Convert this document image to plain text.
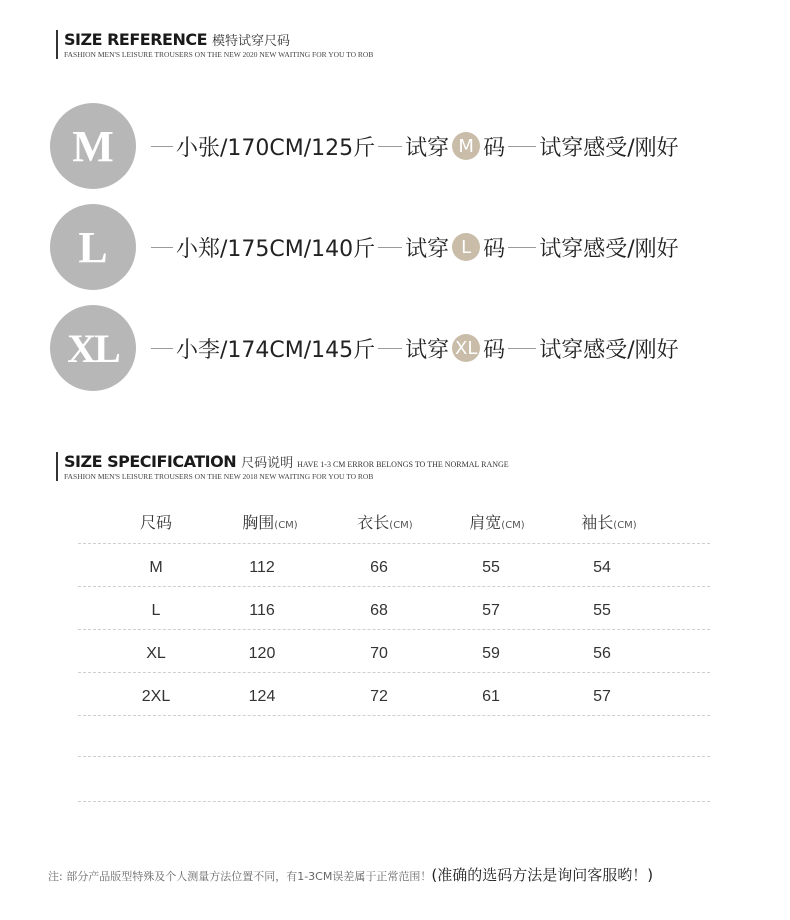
SIZE REFERENCE 模特试穿尺码
FASHION MEN'S LEISURE TROUSERS ON THE NEW 2020 NEW WAITING FOR YOU TO ROB
M	小张/170CM/125斤 试穿 M 码 试穿感受/刚好
L	小郑/175CM/140斤 试穿 L 码 试穿感受/刚好
XL	小李/174CM/145斤 试穿 XL 码 试穿感受/刚好
SIZE SPECIFICATION 尺码说明 HAVE 1-3 CM ERROR BELONGS TO THE NORMAL RANGE
FASHION MEN'S LEISURE TROUSERS ON THE NEW 2018 NEW WAITING FOR YOU TO ROB
尺码	胸围(CM)	衣长(CM)	肩宽(CM)	袖长(CM)
M	112	66	55	54
L	116	68	57	55
XL	120	70	59	56
2XL	124	72	61	57
注: 部分产品版型特殊及个人测量方法位置不同，有1-3CM误差属于正常范围！(准确的选码方法是询问客服哟！)
